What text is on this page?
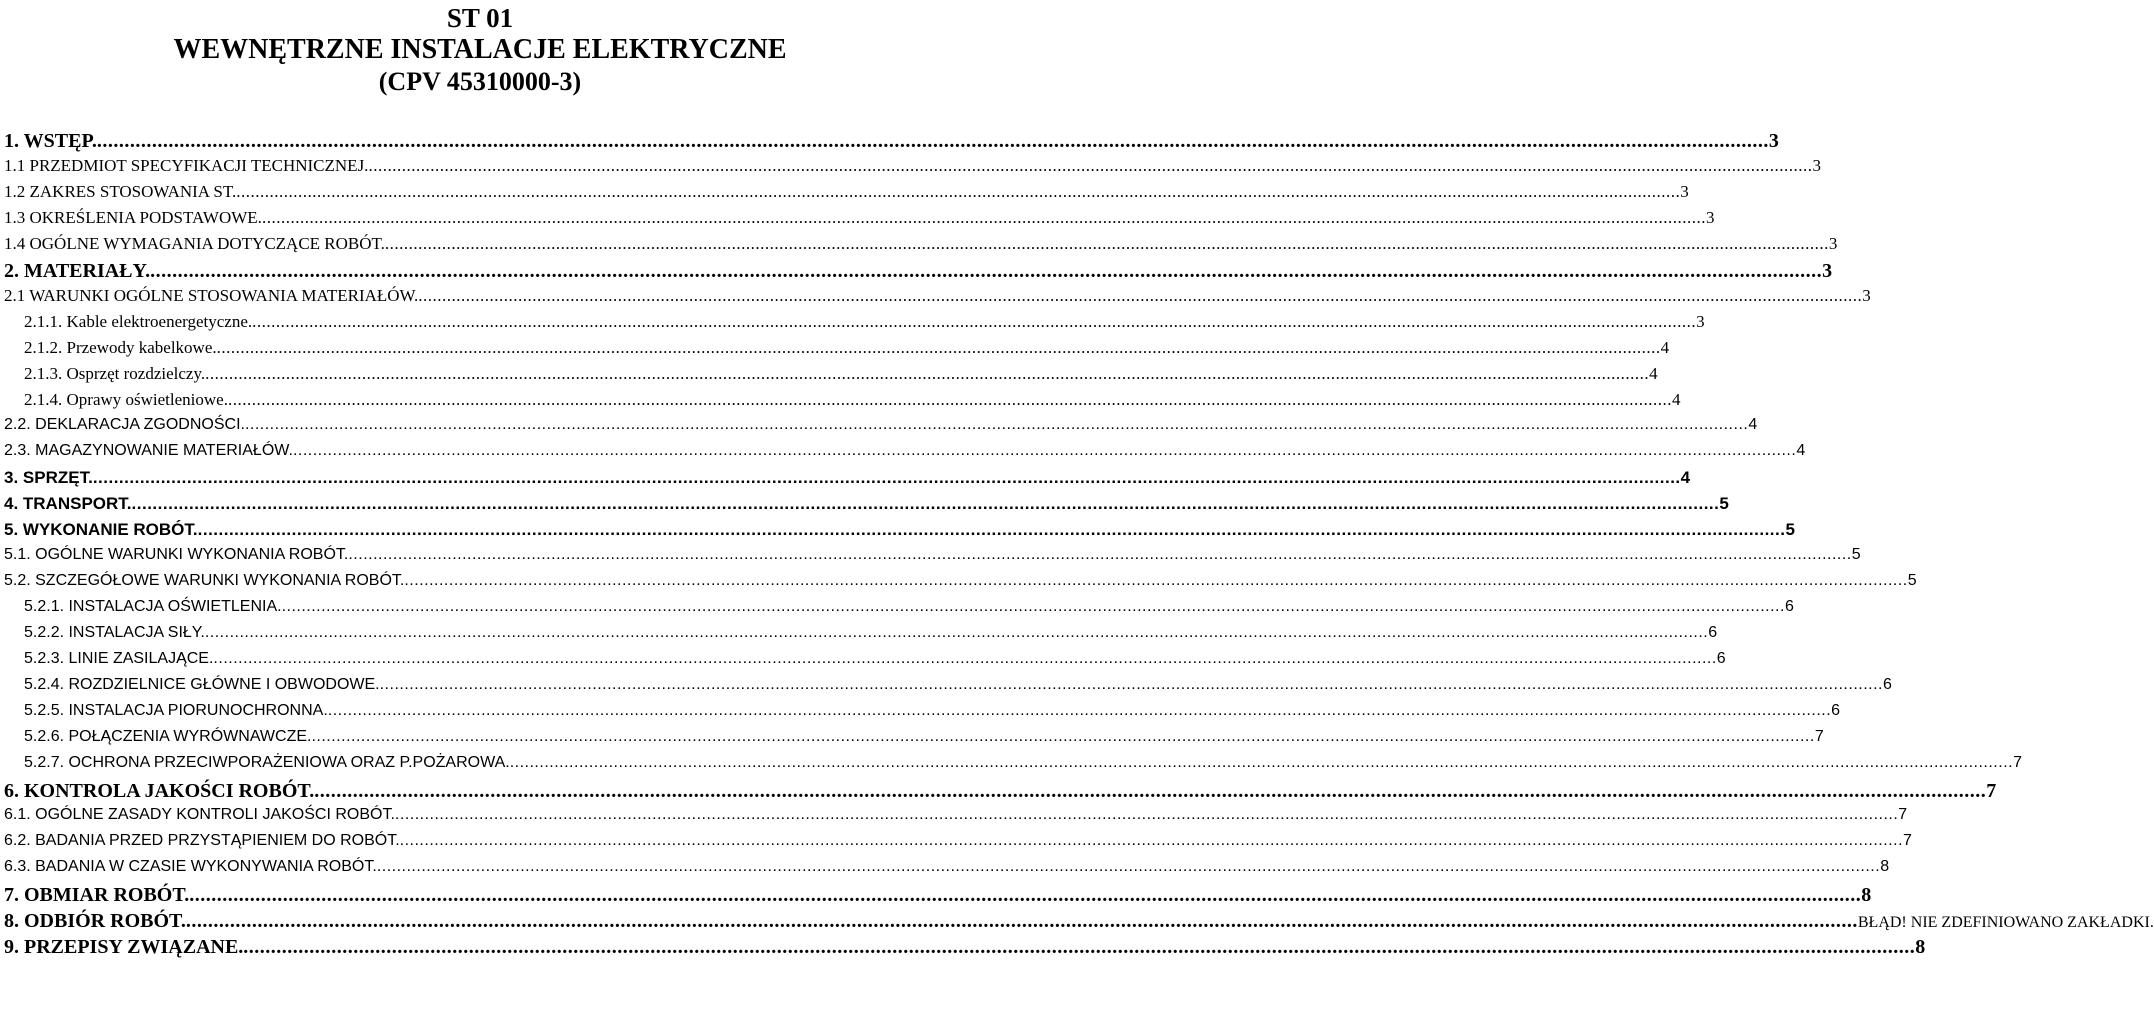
ST 01
WEWNĘTRZNE INSTALACJE ELEKTRYCZNE
(CPV 45310000-3)
1. WSTĘP. .....	3
1.1 PRZEDMIOT SPECYFIKACJI TECHNICZNEJ. .....	3
1.2 ZAKRES STOSOWANIA ST. .....	3
1.3 OKREŚLENIA PODSTAWOWE. .....	3
1.4 OGÓLNE WYMAGANIA DOTYCZĄCE ROBÓT. .....	3
2. MATERIAŁY. .....	3
2.1 WARUNKI OGÓLNE STOSOWANIA MATERIAŁÓW. .....	3
2.1.1. Kable elektroenergetyczne. .....	3
2.1.2. Przewody kabelkowe. .....	4
2.1.3. Osprzęt rozdzielczy. .....	4
2.1.4. Oprawy oświetleniowe. .....	4
2.2. DEKLARACJA ZGODNOŚCI. .....	4
2.3. MAGAZYNOWANIE MATERIAŁÓW. .....	4
3. SPRZĘT. .....	4
4. TRANSPORT. .....	5
5. WYKONANIE ROBÓT. .....	5
5.1. OGÓLNE WARUNKI WYKONANIA ROBÓT. .....	5
5.2. SZCZEGÓŁOWE WARUNKI WYKONANIA ROBÓT. .....	5
5.2.1. INSTALACJA OŚWIETLENIA. .....	6
5.2.2. INSTALACJA SIŁY. .....	6
5.2.3. LINIE ZASILAJĄCE. .....	6
5.2.4. ROZDZIELNICE GŁÓWNE I OBWODOWE. .....	6
5.2.5. INSTALACJA PIORUNOCHRONNA. .....	6
5.2.6. POŁĄCZENIA WYRÓWNAWCZE. .....	7
5.2.7. OCHRONA PRZECIWPORAŻENIOWA ORAZ P.POŻAROWA. .....	7
6. KONTROLA JAKOŚCI ROBÓT. .....	7
6.1. OGÓLNE ZASADY KONTROLI JAKOŚCI ROBÓT. .....	7
6.2. BADANIA PRZED PRZYSTĄPIENIEM DO ROBÓT. .....	7
6.3. BADANIA W CZASIE WYKONYWANIA ROBÓT. .....	8
7. OBMIAR ROBÓT. .....	8
8. ODBIÓR ROBÓT. .....	BŁĄD! NIE ZDEFINIOWANO ZAKŁADKI.
9. PRZEPISY ZWIĄZANE. .....	8
